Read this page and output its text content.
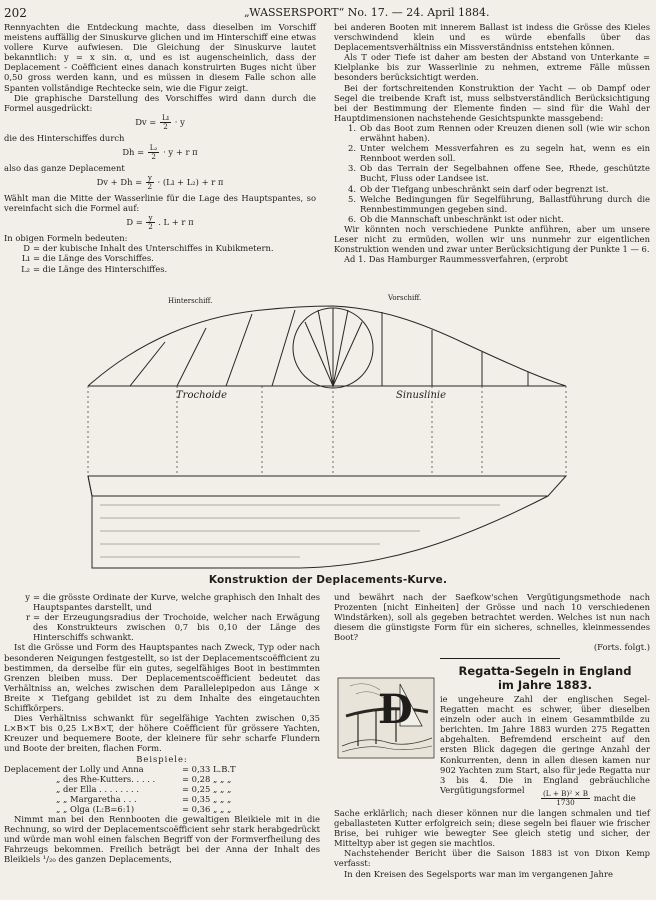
202	„WASSERSPORT“ No. 17. — 24. April 1884.

Rennyachten die Entdeckung machte, dass dieselben im Vorschiff meistens auffällig der Sinuskurve glichen und im Hinterschiff eine etwas vollere Kurve aufwiesen. Die Gleichung der Sinuskurve lautet bekanntlich: y = x sin. α, und es ist augenscheinlich, dass der Deplacement - Coëfficient eines danach konstruirten Buges nicht über 0,50 gross werden kann, und es müssen in diesem Falle schon alle Spanten vollständige Rechtecke sein, wie die Figur zeigt.

Die graphische Darstellung des Vorschiffes wird dann durch die Formel ausgedrückt:

$Dv = \frac{Lı}{2} \cdot y$

die des Hinterschiffes durch

$Dh = \frac{\text{L₂}}{2} \cdot y + r$ π

also das ganze Deplacement

$Dv + Dh = \frac{y}{2}$ · (Lı + L₂) + r π

Wählt man die Mitte der Wasserlinie für die Lage des Hauptspantes, so vereinfacht sich die Formel auf:

$D = \frac{y}{2}$ . L + r π

In obigen Formeln bedeuten:

D = der kubische Inhalt des Unterschiffes in Kubikmetern.
Lı = die Länge des Vorschiffes.
L₂ = die Länge des Hinterschiffes.

bei anderen Booten mit innerem Ballast ist indess die Grösse des Kieles verschwindend klein und es würde ebenfalls über das Deplacementsverhältniss ein Missverständniss entstehen können.

Als T oder Tiefe ist daher am besten der Abstand von Unterkante = Kielplanke bis zur Wasserlinie zu nehmen, extreme Fälle müssen besonders berücksichtigt werden.

Bei der fortschreitenden Konstruktion der Yacht — ob Dampf oder Segel die treibende Kraft ist, muss selbstverständlich Berücksichtigung bei der Bestimmung der Elemente finden — sind für die Wahl der Hauptdimensionen nachstehende Gesichtspunkte massgebend:

1. Ob das Boot zum Rennen oder Kreuzen dienen soll (wie wir schon erwähnt haben).
2. Unter welchem Messverfahren es zu segeln hat, wenn es ein Rennboot werden soll.
3. Ob das Terrain der Segelbahnen offene See, Rhede, geschützte Bucht, Fluss oder Landsee ist.
4. Ob der Tiefgang unbeschränkt sein darf oder begrenzt ist.
5. Welche Bedingungen für Segelführung, Ballastführung durch die Rennbestimmungen gegeben sind.
6. Ob die Mannschaft unbeschränkt ist oder nicht.

Wir könnten noch verschiedene Punkte anführen, aber um unsere Leser nicht zu ermüden, wollen wir uns nunmehr zur eigentlichen Konstruktion wenden und zwar unter Berücksichtigung der Punkte 1 — 6.

Ad 1. Das Hamburger Raummessverfahren, (erprobt

Hinterschiff.	Vorschiff.
Trochoide	Sinuslinie
Konstruktion der Deplacements-Kurve.
y = die grösste Ordinate der Kurve, welche graphisch den Inhalt des Hauptspantes darstellt, und
r = der Erzeugungsradius der Trochoide, welcher nach Erwägung des Konstrukteurs zwischen 0,7 bis 0,10 der Länge des Hinterschiffs schwankt.

Ist die Grösse und Form des Hauptspantes nach Zweck, Typ oder nach besonderen Neigungen festgestellt, so ist der Deplacementscoëfficient zu bestimmen, da derselbe für ein gutes, segelfähiges Boot in bestimmten Grenzen bleiben muss. Der Deplacementscoëfficient bedeutet das Verhältniss an, welches zwischen dem Parallelepipedon aus Länge × Breite × Tiefgang gebildet ist zu dem Inhalte des eingetauchten Schiffkörpers.

Dies Verhältniss schwankt für segelfähige Yachten zwischen 0,35 L×B×T bis 0,25 L×B×T, der höhere Coëfficient für grössere Yachten, Kreuzer und bequemere Boote, der kleinere für sehr scharfe Flundern und Boote der breiten, flachen Form.

Beispiele:

Deplacement der Lolly und Anna	= 0,33 L.B.T
„ des Rhe-Kutters. . . . .	= 0,28 „ „ „
„ der Ella . . . . . . . .	= 0,25 „ „ „
„ „ Margaretha . . .	= 0,35 „ „ „
„ „ Olga (L:B=6:1)	= 0,36 „ „ „

Nimmt man bei den Rennbooten die gewaltigen Bleikiele mit in die Rechnung, so wird der Deplacementscoëfficient sehr stark herabgedrückt und würde man wohl einen falschen Begriff von der Formverfheilung des Fahrzeugs bekommen. Freilich beträgt bei der Anna der Inhalt des Bleikiels ¹/₂₀ des ganzen Deplacements,

und bewährt nach der Saefkow'schen Vergütigungsmethode nach Prozenten [nicht Einheiten] der Grösse und nach 10 verschiedenen Windstärken), soll als gegeben betrachtet werden. Welches ist nun nach diesem die günstigste Form für ein sicheres, schnelles, kleinmessendes Boot?

(Forts. folgt.)

Regatta-Segeln in England
im Jahre 1883.
D	ie ungeheure Zahl der englischen Segel-Regatten macht es schwer, über dieselben einzeln oder auch in einem Gesammtbilde zu berichten. Im Jahre 1883 wurden 275 Regatten abgehalten. Befremdend erscheint auf den ersten Blick dagegen die geringe Anzahl der Konkurrenten, denn in allen diesen kamen nur 902 Yachten zum Start, also für jede Regatta nur 3 bis 4. Die in England gebräuchliche Vergütigungsformel

$\frac{\text{(L + B)² × B}}{1730}$ macht die

Sache erklärlich; nach dieser können nur die langen schmalen und tief geballasteten Kutter erfolgreich sein; diese segeln bei flauer wie frischer Brise, bei ruhiger wie bewegter See gleich stetig und sicher, der Mitteltyp aber ist gegen sie machtlos.

Nachstehender Bericht über die Saison 1883 ist von Dixon Kemp verfasst:

In den Kreisen des Segelsports war man im vergangenen Jahre
